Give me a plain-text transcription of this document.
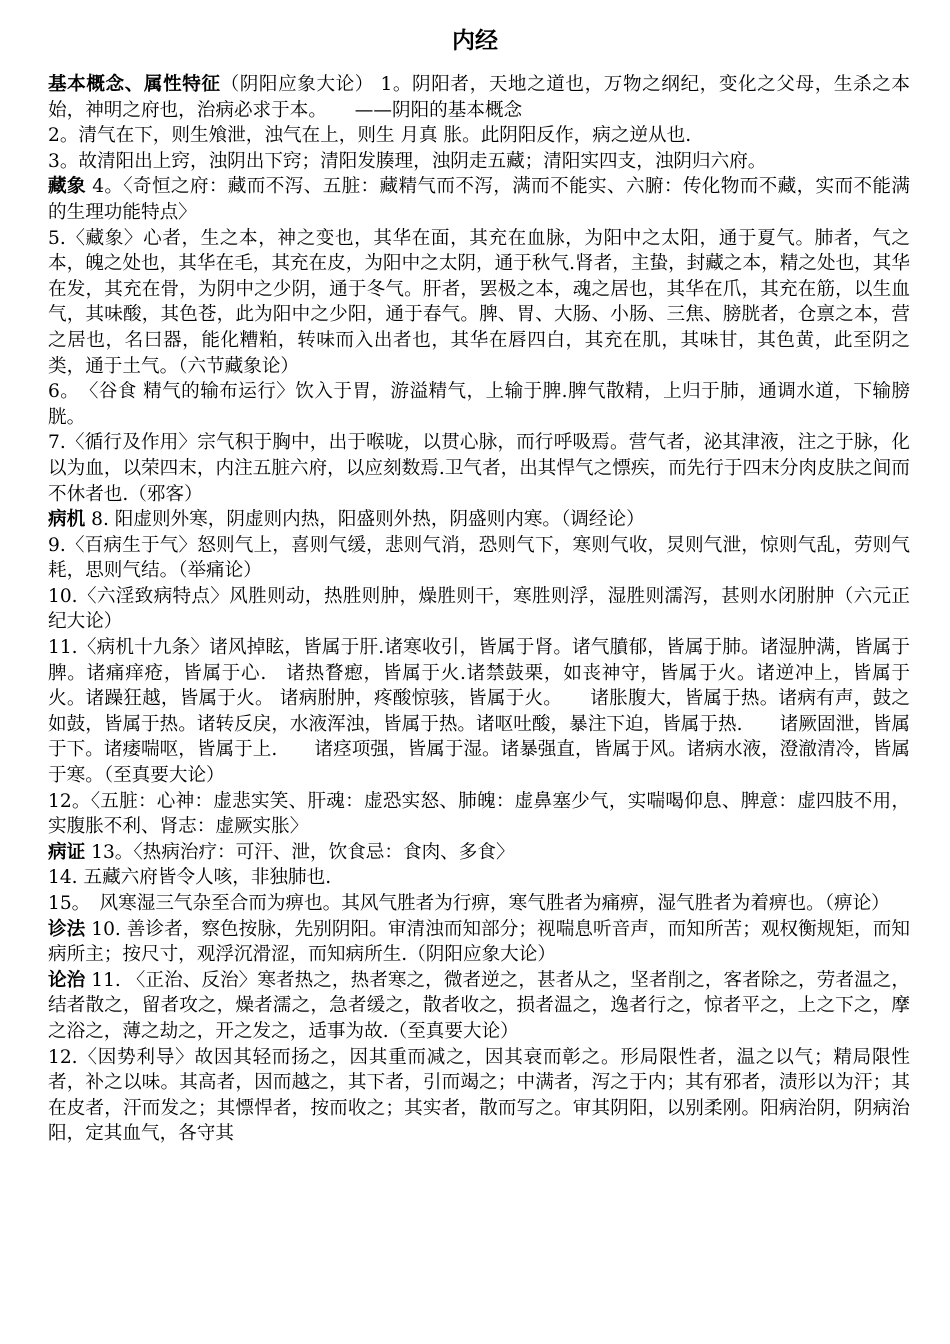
内经

基本概念、属性特征（阴阳应象大论） 1。阴阳者，天地之道也，万物之纲纪，变化之父母，生杀之本始，神明之府也，治病必求于本。　　——阴阳的基本概念

2。清气在下，则生飧泄，浊气在上，则生 月真 胀。此阴阳反作，病之逆从也.

3。故清阳出上窍，浊阴出下窍；清阳发腠理，浊阴走五藏；清阳实四支，浊阴归六府。

藏象 4。〈奇恒之府：藏而不泻、五脏：藏精气而不泻，满而不能实、六腑：传化物而不藏，实而不能满 的生理功能特点〉

5.〈藏象〉心者，生之本，神之变也，其华在面，其充在血脉，为阳中之太阳，通于夏气。肺者，气之本，魄之处也，其华在毛，其充在皮，为阳中之太阴，通于秋气.肾者，主蛰，封藏之本，精之处也，其华在发，其充在骨，为阴中之少阴，通于冬气。肝者，罢极之本，魂之居也，其华在爪，其充在筋，以生血气，其味酸，其色苍，此为阳中之少阳，通于春气。脾、胃、大肠、小肠、三焦、膀胱者，仓禀之本，营之居也，名曰器，能化糟粕，转味而入出者也，其华在唇四白，其充在肌，其味甘，其色黄，此至阴之类，通于土气。（六节藏象论）

6。　〈谷食 精气的输布运行〉饮入于胃，游溢精气，上输于脾.脾气散精，上归于肺，通调水道，下输膀胱。

7.〈循行及作用〉宗气积于胸中，出于喉咙，以贯心脉，而行呼吸焉。营气者，泌其津液，注之于脉，化以为血，以荣四末，内注五脏六府，以应刻数焉.卫气者，出其悍气之慓疾，而先行于四末分肉皮肤之间而不休者也.（邪客）

病机 8. 阳虚则外寒，阴虚则内热，阳盛则外热，阴盛则内寒。（调经论）

9.〈百病生于气〉怒则气上，喜则气缓，悲则气消，恐则气下，寒则气收，炅则气泄，惊则气乱，劳则气耗，思则气结。（举痛论）

10.〈六淫致病特点〉风胜则动，热胜则肿，燥胜则干，寒胜则浮，湿胜则濡泻，甚则水闭胕肿（六元正纪大论）

11.〈病机十九条〉诸风掉眩，皆属于肝.诸寒收引，皆属于肾。诸气膹郁，皆属于肺。诸湿肿满，皆属于脾。诸痛痒疮，皆属于心.　诸热瞀瘛，皆属于火.诸禁鼓栗，如丧神守，皆属于火。诸逆冲上，皆属于火。诸躁狂越，皆属于火。 诸病胕肿，疼酸惊骇，皆属于火。　　诸胀腹大，皆属于热。诸病有声，鼓之如鼓，皆属于热。诸转反戾，水液浑浊，皆属于热。诸呕吐酸，暴注下迫，皆属于热.　　诸厥固泄，皆属于下。诸痿喘呕，皆属于上.　　诸痉项强，皆属于湿。诸暴强直，皆属于风。诸病水液，澄澈清冷，皆属于寒。（至真要大论）

12。〈五脏：心神：虚悲实笑、肝魂：虚恐实怒、肺魄：虚鼻塞少气，实喘喝仰息、脾意：虚四肢不用，实腹胀不利、肾志：虚厥实胀〉

病证 13。〈热病治疗：可汗、泄，饮食忌：食肉、多食〉

14. 五藏六府皆令人咳，非独肺也.

15。　风寒湿三气杂至合而为痹也。其风气胜者为行痹，寒气胜者为痛痹，湿气胜者为着痹也。（痹论）

诊法 10. 善诊者，察色按脉，先别阴阳。审清浊而知部分；视喘息听音声，而知所苦；观权衡规矩，而知病所主；按尺寸，观浮沉滑涩，而知病所生.（阴阳应象大论）

论治 11. 〈正治、反治〉寒者热之，热者寒之，微者逆之，甚者从之，坚者削之，客者除之，劳者温之，结者散之，留者攻之，燥者濡之，急者缓之，散者收之，损者温之，逸者行之，惊者平之，上之下之，摩之浴之，薄之劫之，开之发之，适事为故.（至真要大论）

12.〈因势利导〉故因其轻而扬之，因其重而减之，因其衰而彰之。形局限性者，温之以气；精局限性者，补之以味。其高者，因而越之，其下者，引而竭之；中满者，泻之于内；其有邪者，渍形以为汗；其在皮者，汗而发之；其慓悍者，按而收之；其实者，散而写之。审其阴阳，以别柔刚。阳病治阴，阴病治阳，定其血气，各守其
